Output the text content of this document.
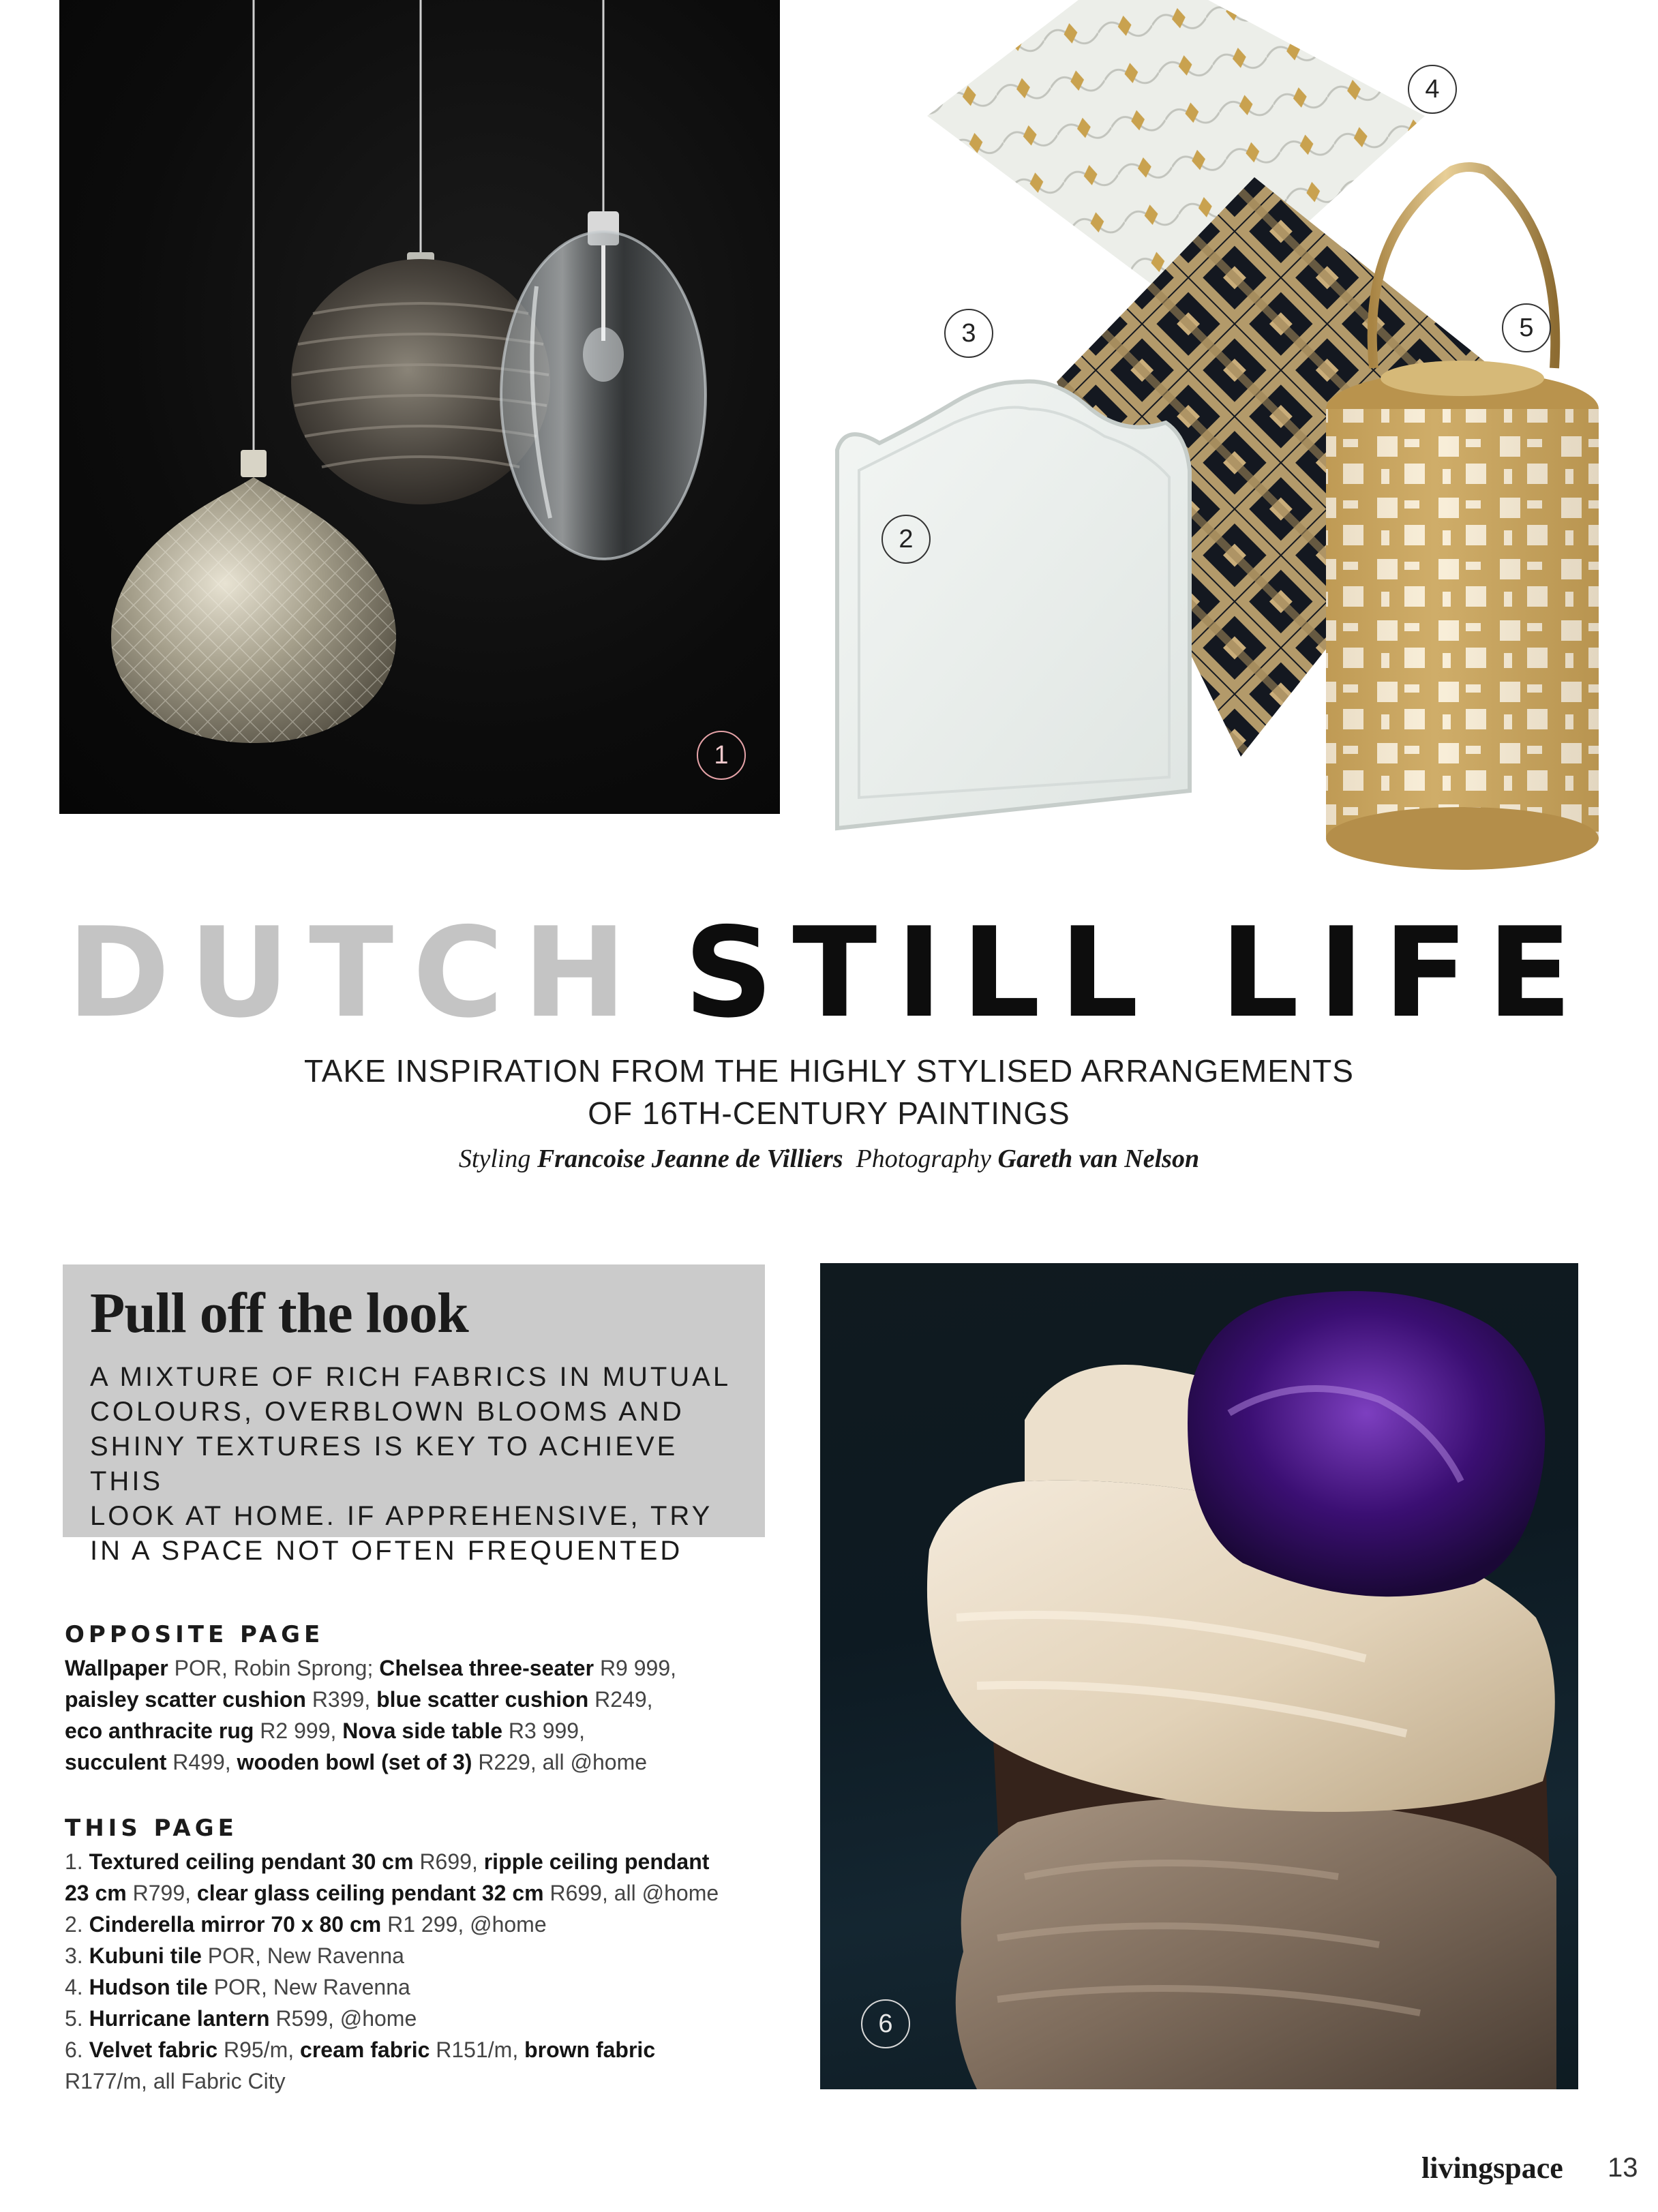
1
4
3	5
2
DUTCH STILL LIFE
TAKE INSPIRATION FROM THE HIGHLY STYLISED ARRANGEMENTS
OF 16TH-CENTURY PAINTINGS
Styling Francoise Jeanne de Villiers Photography Gareth van Nelson
Pull off the look
A MIXTURE OF RICH FABRICS IN MUTUAL
COLOURS, OVERBLOWN BLOOMS AND
SHINY TEXTURES IS KEY TO ACHIEVE THIS
LOOK AT HOME. IF APPREHENSIVE, TRY
IN A SPACE NOT OFTEN FREQUENTED
OPPOSITE PAGE
Wallpaper POR, Robin Sprong; Chelsea three-seater R9 999,
paisley scatter cushion R399, blue scatter cushion R249,
eco anthracite rug R2 999, Nova side table R3 999,
succulent R499, wooden bowl (set of 3) R229, all @home
THIS PAGE
1. Textured ceiling pendant 30 cm R699, ripple ceiling pendant
23 cm R799, clear glass ceiling pendant 32 cm R699, all @home
2. Cinderella mirror 70 x 80 cm R1 299, @home
3. Kubuni tile POR, New Ravenna
4. Hudson tile POR, New Ravenna
5. Hurricane lantern R599, @home
6. Velvet fabric R95/m, cream fabric R151/m, brown fabric
R177/m, all Fabric City
6
livingspace 13
